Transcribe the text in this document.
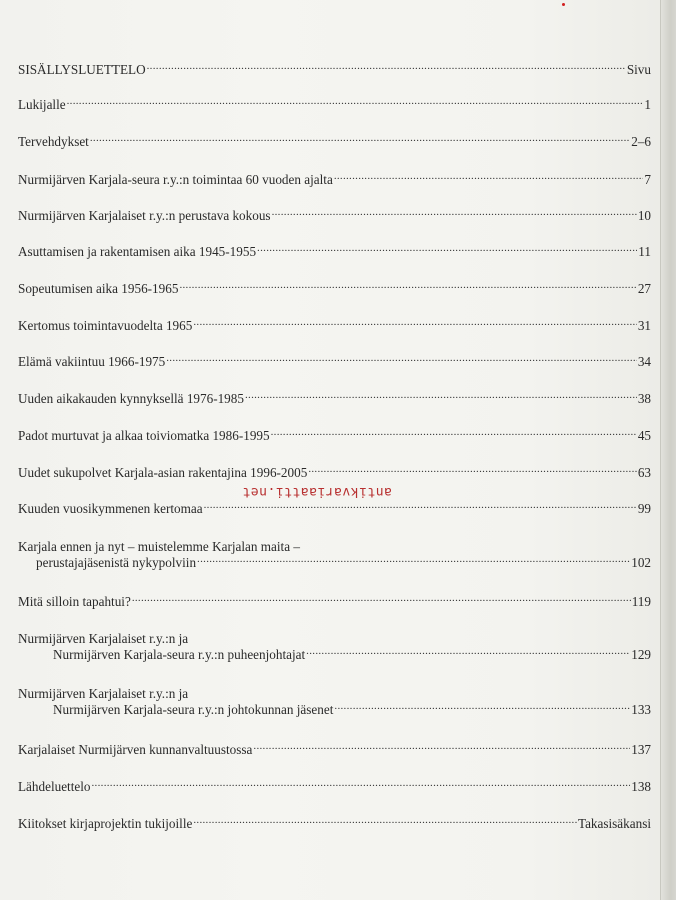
antikvariaatti.net
SISÄLLYSLUETTELO .....	Sivu
Lukijalle .....	1
Tervehdykset .....	2–6
Nurmijärven Karjala-seura r.y.:n toimintaa 60 vuoden ajalta .....	7
Nurmijärven Karjalaiset r.y.:n perustava kokous .....	10
Asuttamisen ja rakentamisen aika 1945-1955 .....	11
Sopeutumisen aika 1956-1965 .....	27
Kertomus toimintavuodelta 1965 .....	31
Elämä vakiintuu 1966-1975 .....	34
Uuden aikakauden kynnyksellä 1976-1985 .....	38
Padot murtuvat ja alkaa toiviomatka 1986-1995 .....	45
Uudet sukupolvet Karjala-asian rakentajina 1996-2005 .....	63
Kuuden vuosikymmenen kertomaa .....	99
Karjala ennen ja nyt – muistelemme Karjalan maita –
perustajajäsenistä nykypolviin .....	102
Mitä silloin tapahtui? .....	119
Nurmijärven Karjalaiset r.y.:n ja
Nurmijärven Karjala-seura r.y.:n puheenjohtajat .....	129
Nurmijärven Karjalaiset r.y.:n ja
Nurmijärven Karjala-seura r.y.:n johtokunnan jäsenet .....	133
Karjalaiset Nurmijärven kunnanvaltuustossa .....	137
Lähdeluettelo .....	138
Kiitokset kirjaprojektin tukijoille .....	Takasisäkansi
